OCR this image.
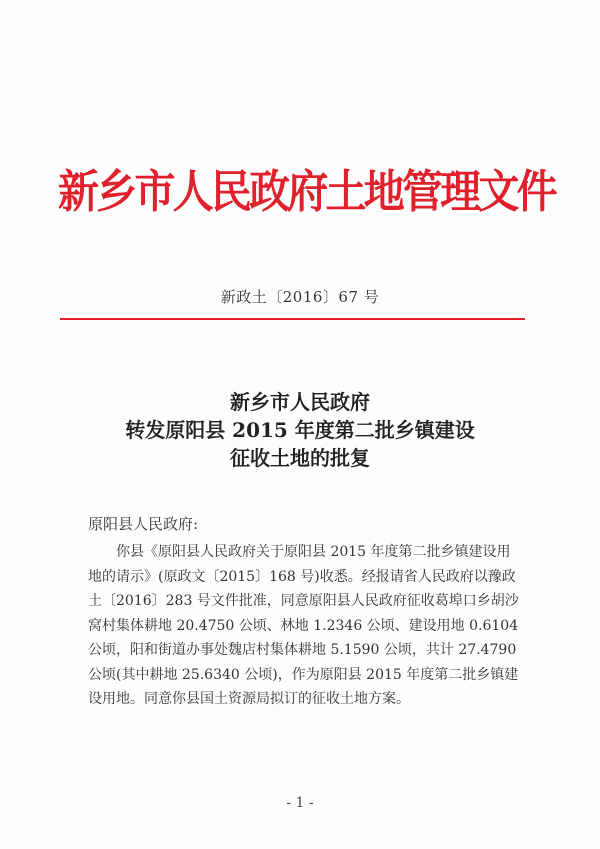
新乡市人民政府土地管理文件
新政土〔2016〕67 号
新乡市人民政府
转发原阳县 2015 年度第二批乡镇建设
征收土地的批复
原阳县人民政府:

　　你县《原阳县人民政府关于原阳县 2015 年度第二批乡镇建设用地的请示》(原政文〔2015〕168 号)收悉。经报请省人民政府以豫政土〔2016〕283 号文件批准，同意原阳县人民政府征收葛埠口乡胡沙窝村集体耕地 20.4750 公顷、林地 1.2346 公顷、建设用地 0.6104 公顷，阳和街道办事处魏店村集体耕地 5.1590 公顷，共计 27.4790 公顷(其中耕地 25.6340 公顷)，作为原阳县 2015 年度第二批乡镇建设用地。同意你县国土资源局拟订的征收土地方案。

- 1 -
